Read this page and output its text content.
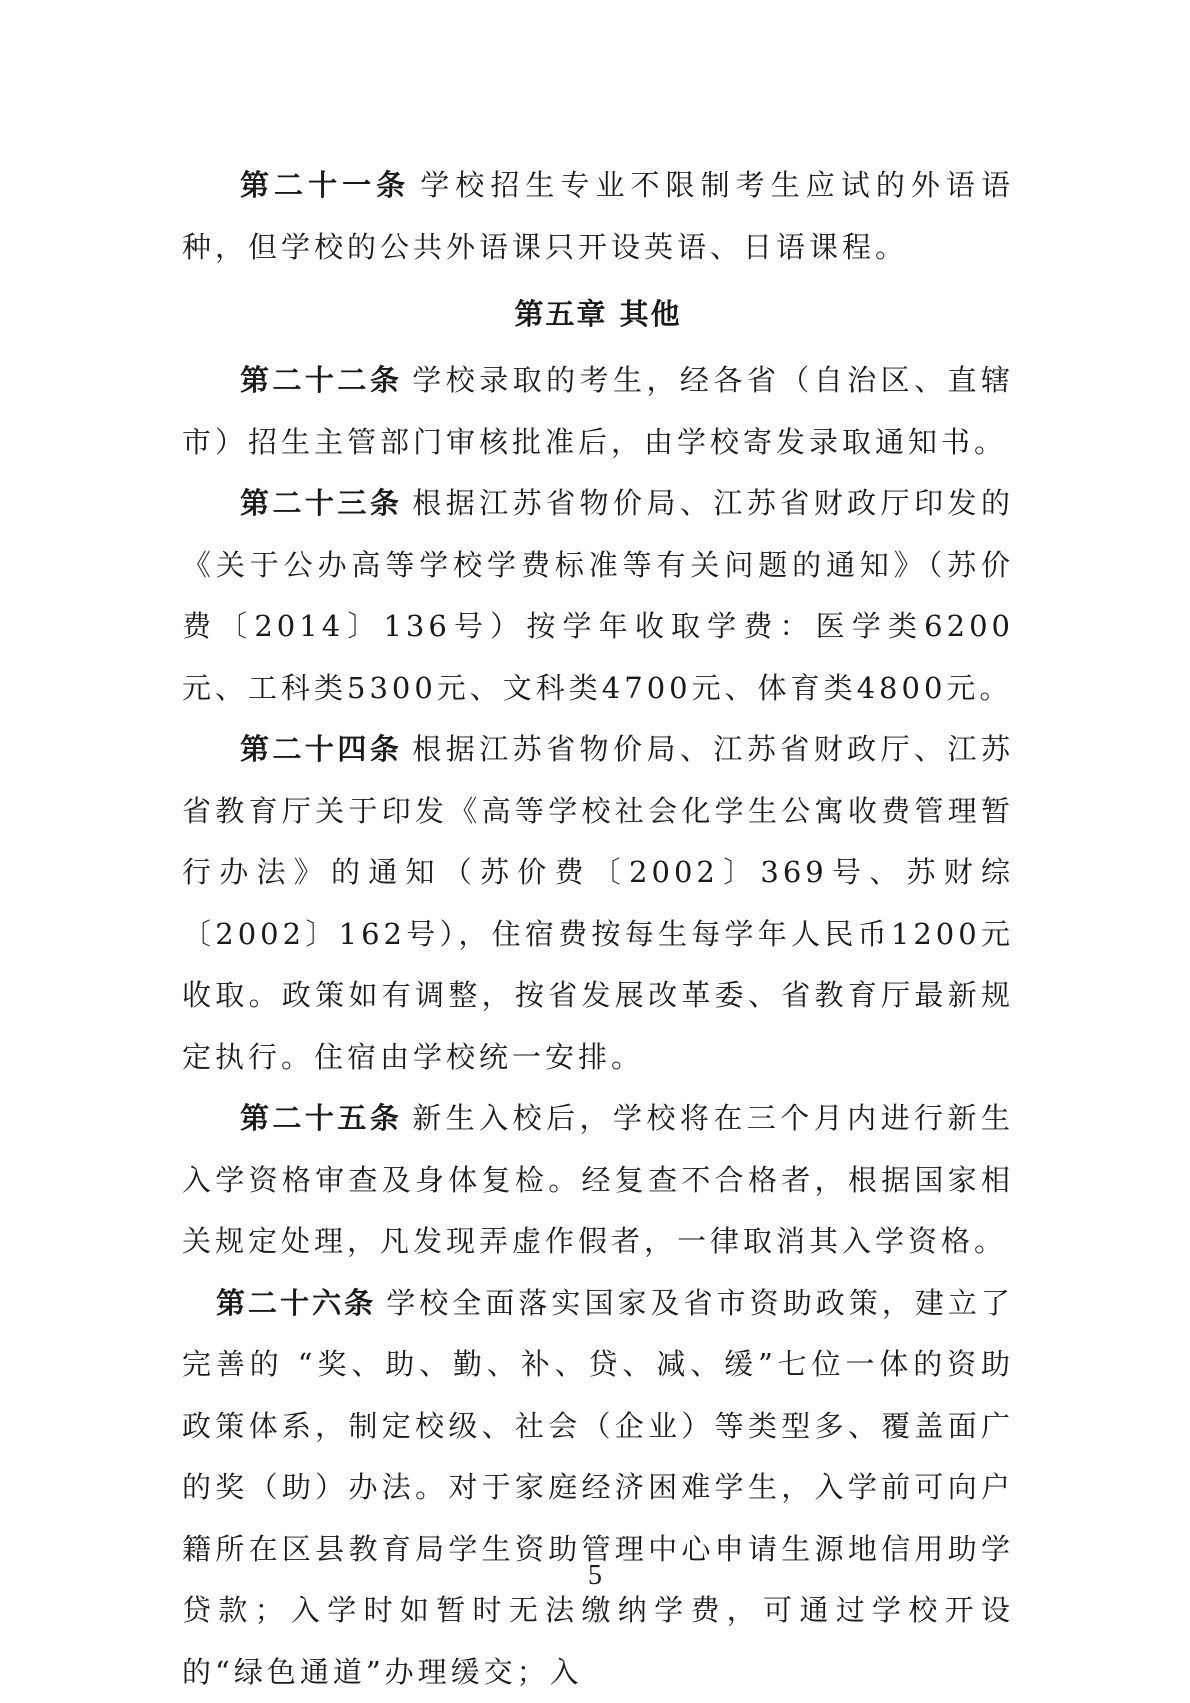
第二十一条 学校招生专业不限制考生应试的外语语种，但学校的公共外语课只开设英语、日语课程。

第五章 其他

第二十二条 学校录取的考生，经各省（自治区、直辖市）招生主管部门审核批准后，由学校寄发录取通知书。

第二十三条 根据江苏省物价局、江苏省财政厅印发的《关于公办高等学校学费标准等有关问题的通知》（苏价费〔2014〕136号）按学年收取学费：医学类6200元、工科类5300元、文科类4700元、体育类4800元。

第二十四条 根据江苏省物价局、江苏省财政厅、江苏省教育厅关于印发《高等学校社会化学生公寓收费管理暂行办法》的通知（苏价费〔2002〕369号、苏财综〔2002〕162号），住宿费按每生每学年人民币1200元收取。政策如有调整，按省发展改革委、省教育厅最新规定执行。住宿由学校统一安排。

第二十五条 新生入校后，学校将在三个月内进行新生入学资格审查及身体复检。经复查不合格者，根据国家相关规定处理，凡发现弄虚作假者，一律取消其入学资格。

第二十六条 学校全面落实国家及省市资助政策，建立了完善的 “奖、助、勤、补、贷、减、缓”七位一体的资助政策体系，制定校级、社会（企业）等类型多、覆盖面广的奖（助）办法。对于家庭经济困难学生，入学前可向户籍所在区县教育局学生资助管理中心申请生源地信用助学贷款；入学时如暂时无法缴纳学费，可通过学校开设的“绿色通道”办理缓交；入

5
